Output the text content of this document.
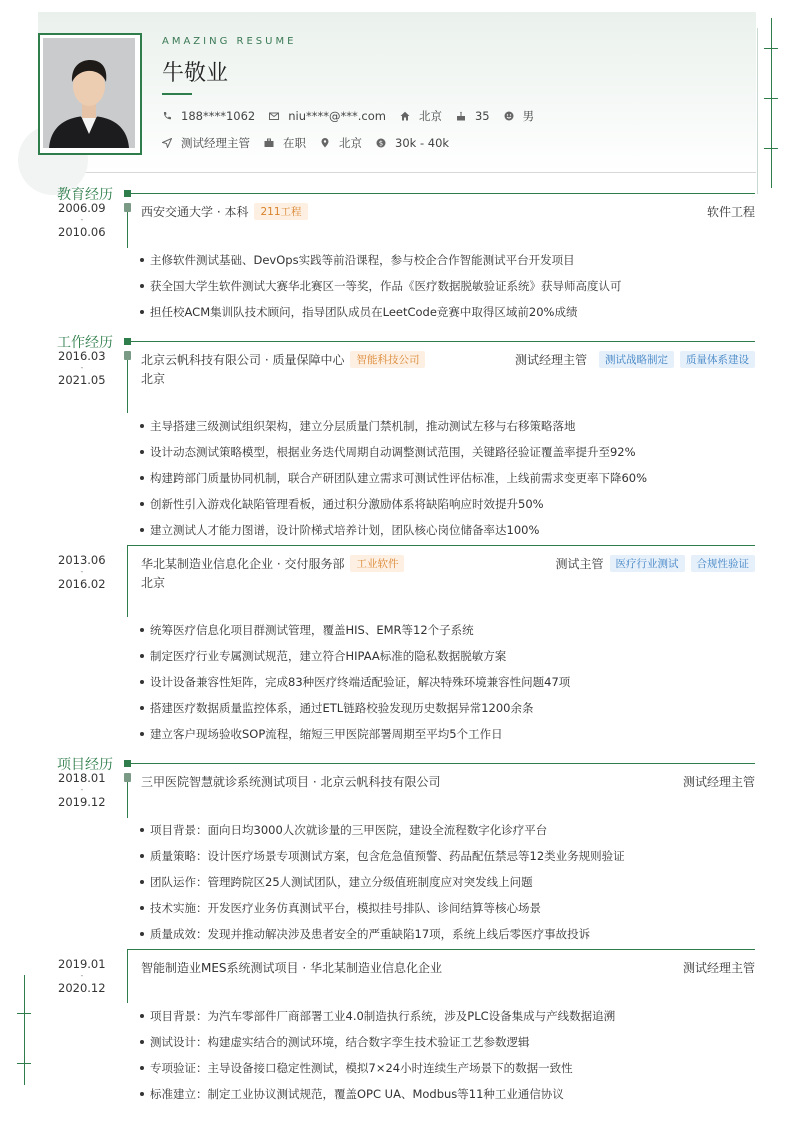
AMAZING RESUME
牛敬业
188****1062	niu****@***.com	北京	35	男
测试经理主管	在职	北京 $ 30k - 40k
教育经历
2006.09
-
2010.06
西安交通大学 · 本科	211工程	软件工程
主修软件测试基础、DevOps实践等前沿课程，参与校企合作智能测试平台开发项目
获全国大学生软件测试大赛华北赛区一等奖，作品《医疗数据脱敏验证系统》获导师高度认可
担任校ACM集训队技术顾问，指导团队成员在LeetCode竞赛中取得区域前20%成绩
工作经历
2016.03
-
2021.05
北京云帆科技有限公司 · 质量保障中心	智能科技公司
北京
测试经理主管	测试战略制定	质量体系建设
主导搭建三级测试组织架构，建立分层质量门禁机制，推动测试左移与右移策略落地
设计动态测试策略模型，根据业务迭代周期自动调整测试范围，关键路径验证覆盖率提升至92%
构建跨部门质量协同机制，联合产研团队建立需求可测试性评估标准，上线前需求变更率下降60%
创新性引入游戏化缺陷管理看板，通过积分激励体系将缺陷响应时效提升50%
建立测试人才能力图谱，设计阶梯式培养计划，团队核心岗位储备率达100%
2013.06
-
2016.02
华北某制造业信息化企业 · 交付服务部	工业软件
北京
测试主管	医疗行业测试	合规性验证
统筹医疗信息化项目群测试管理，覆盖HIS、EMR等12个子系统
制定医疗行业专属测试规范，建立符合HIPAA标准的隐私数据脱敏方案
设计设备兼容性矩阵，完成83种医疗终端适配验证，解决特殊环境兼容性问题47项
搭建医疗数据质量监控体系，通过ETL链路校验发现历史数据异常1200余条
建立客户现场验收SOP流程，缩短三甲医院部署周期至平均5个工作日
项目经历
2018.01
-
2019.12
三甲医院智慧就诊系统测试项目 · 北京云帆科技有限公司	测试经理主管
项目背景：面向日均3000人次就诊量的三甲医院，建设全流程数字化诊疗平台
质量策略：设计医疗场景专项测试方案，包含危急值预警、药品配伍禁忌等12类业务规则验证
团队运作：管理跨院区25人测试团队，建立分级值班制度应对突发线上问题
技术实施：开发医疗业务仿真测试平台，模拟挂号排队、诊间结算等核心场景
质量成效：发现并推动解决涉及患者安全的严重缺陷17项，系统上线后零医疗事故投诉
2019.01
-
2020.12
智能制造业MES系统测试项目 · 华北某制造业信息化企业	测试经理主管
项目背景：为汽车零部件厂商部署工业4.0制造执行系统，涉及PLC设备集成与产线数据追溯
测试设计：构建虚实结合的测试环境，结合数字孪生技术验证工艺参数逻辑
专项验证：主导设备接口稳定性测试，模拟7×24小时连续生产场景下的数据一致性
标准建立：制定工业协议测试规范，覆盖OPC UA、Modbus等11种工业通信协议
